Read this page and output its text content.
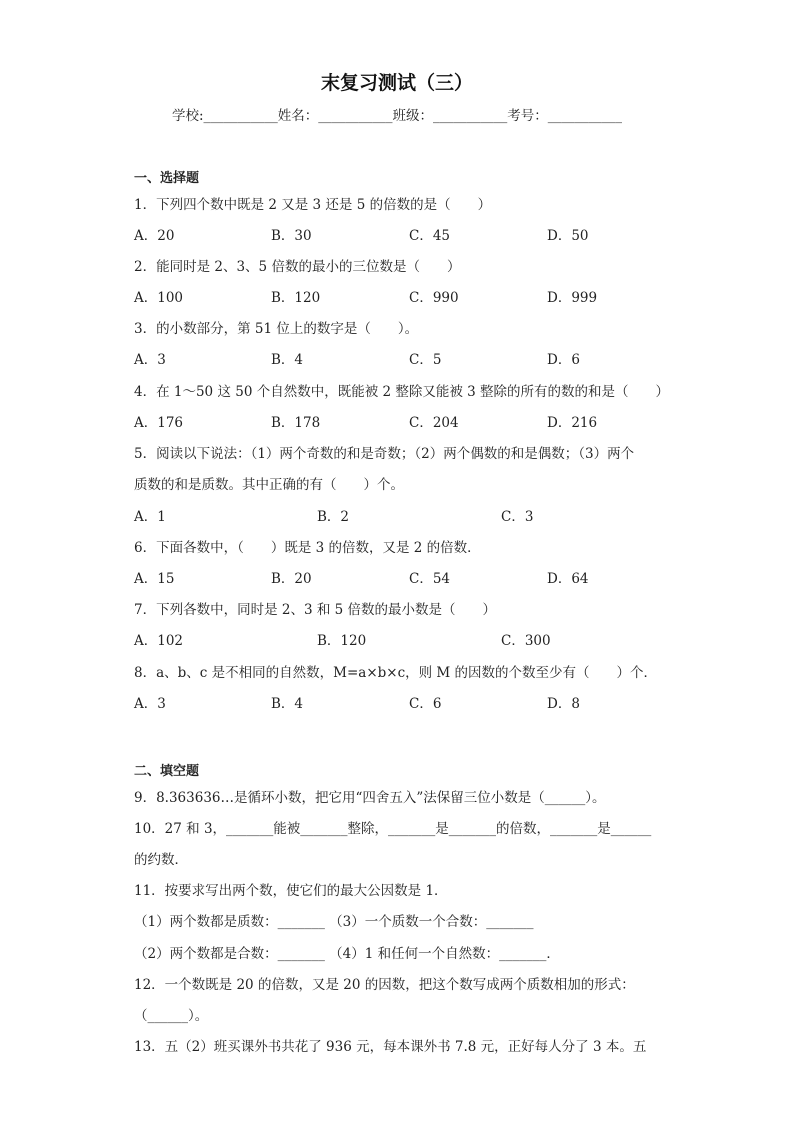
末复习测试（三）
学校:___________姓名：___________班级：___________考号：___________
一、选择题
1．下列四个数中既是 2 又是 3 还是 5 的倍数的是（　　）
A．20	B．30	C．45	D．50
2．能同时是 2、3、5 倍数的最小的三位数是（　　）
A．100	B．120	C．990	D．999
3．的小数部分，第 51 位上的数字是（　　）。
A．3	B．4	C．5	D．6
4．在 1～50 这 50 个自然数中，既能被 2 整除又能被 3 整除的所有的数的和是（　　）
A．176	B．178	C．204	D．216
5．阅读以下说法：（1）两个奇数的和是奇数；（2）两个偶数的和是偶数；（3）两个
质数的和是质数。其中正确的有（　　）个。
A．1	B．2	C．3
6．下面各数中，（　　）既是 3 的倍数，又是 2 的倍数．
A．15	B．20	C．54	D．64
7．下列各数中，同时是 2、3 和 5 倍数的最小数是（　　）
A．102	B．120	C．300
8．a、b、c 是不相同的自然数，M=a×b×c，则 M 的因数的个数至少有（　　）个．
A．3	B．4	C．6	D．8
二、填空题
9．8.363636…是循环小数，把它用“四舍五入”法保留三位小数是（______）。
10．27 和 3，_______能被_______整除，_______是_______的倍数，_______是______
的约数．
11．按要求写出两个数，使它们的最大公因数是 1．
（1）两个数都是质数：_______ （3）一个质数一个合数：_______
（2）两个数都是合数：_______ （4）1 和任何一个自然数：_______．
12．一个数既是 20 的倍数，又是 20 的因数，把这个数写成两个质数相加的形式：
（______）。
13．五（2）班买课外书共花了 936 元，每本课外书 7.8 元，正好每人分了 3 本。五
